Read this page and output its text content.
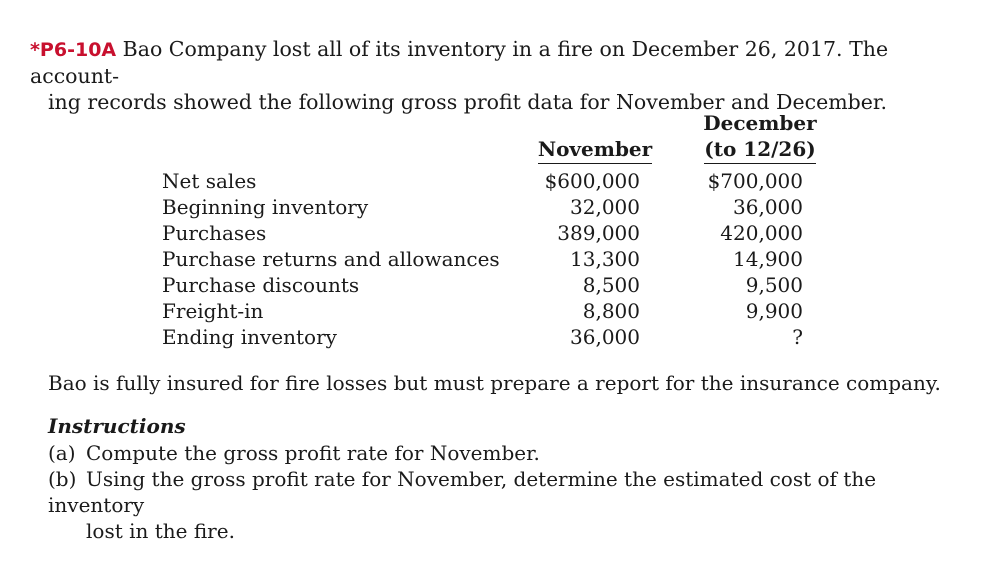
*P6-10A Bao Company lost all of its inventory in a fire on December 26, 2017. The account-
ing records showed the following gross profit data for November and December.
November
December
(to 12/26)
Net sales	$600,000	$700,000
Beginning inventory	32,000	36,000
Purchases	389,000	420,000
Purchase returns and allowances	13,300	14,900
Purchase discounts	8,500	9,500
Freight-in	8,800	9,900
Ending inventory	36,000	?
Bao is fully insured for fire losses but must prepare a report for the insurance company.
Instructions
(a) Compute the gross profit rate for November.
(b) Using the gross profit rate for November, determine the estimated cost of the inventory
lost in the fire.
